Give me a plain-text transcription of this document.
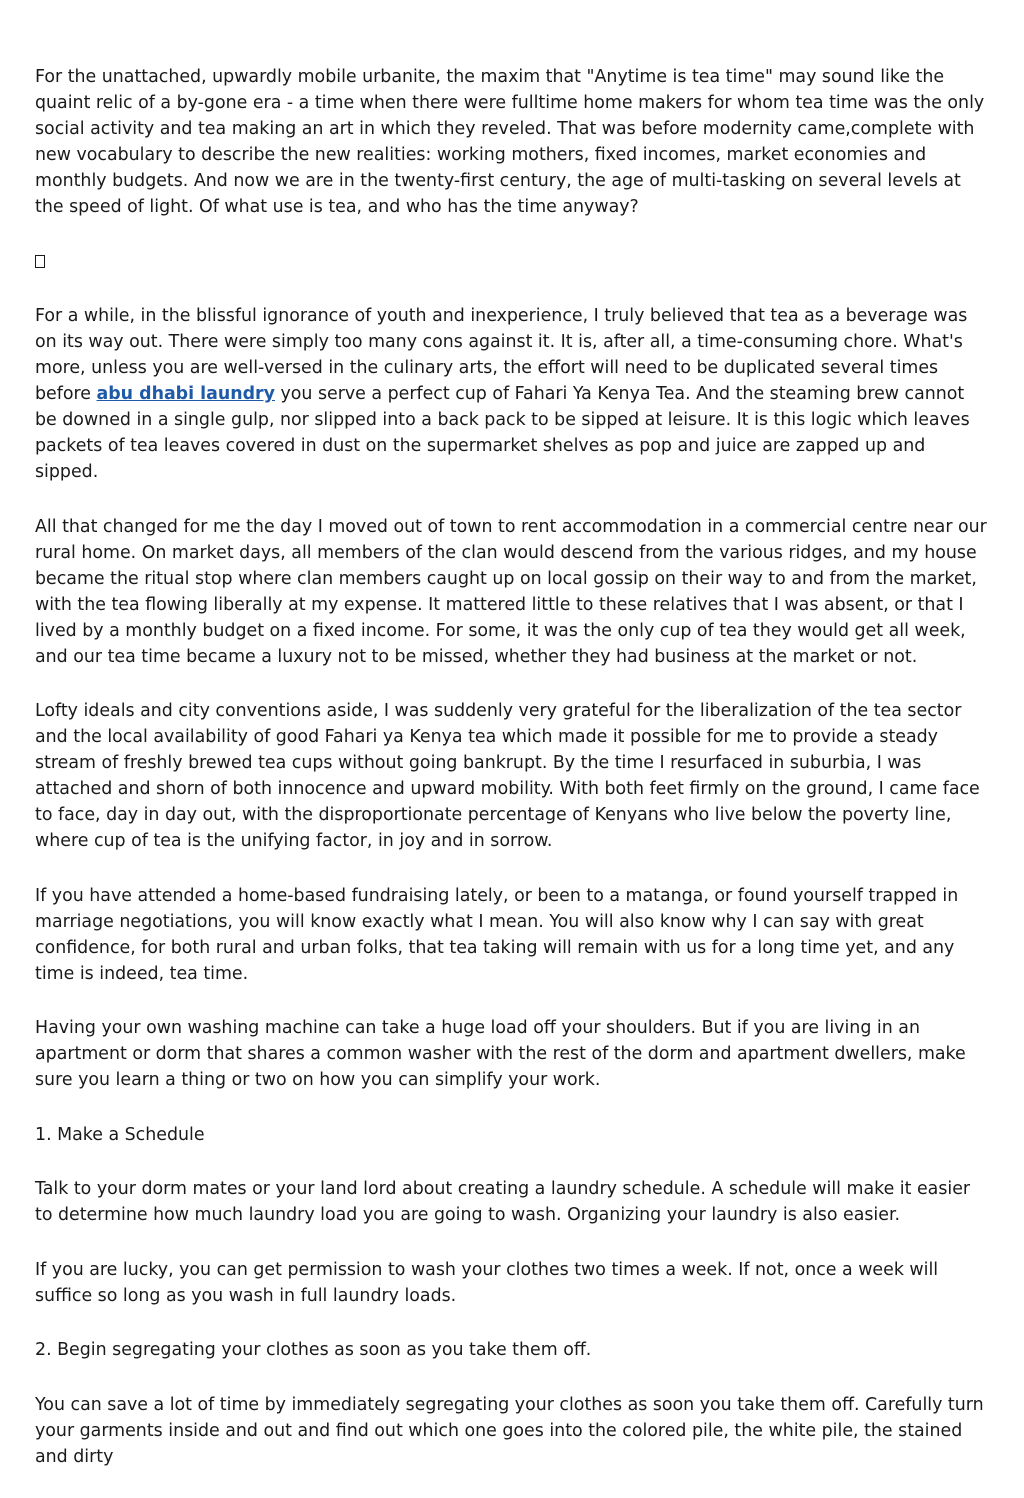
For the unattached, upwardly mobile urbanite, the maxim that "Anytime is tea time" may sound like the quaint relic of a by-gone era - a time when there were fulltime home makers for whom tea time was the only social activity and tea making an art in which they reveled. That was before modernity came,complete with new vocabulary to describe the new realities: working mothers, fixed incomes, market economies and monthly budgets. And now we are in the twenty-first century, the age of multi-tasking on several levels at the speed of light. Of what use is tea, and who has the time anyway?

For a while, in the blissful ignorance of youth and inexperience, I truly believed that tea as a beverage was on its way out. There were simply too many cons against it. It is, after all, a time-consuming chore. What's more, unless you are well-versed in the culinary arts, the effort will need to be duplicated several times before abu dhabi laundry you serve a perfect cup of Fahari Ya Kenya Tea. And the steaming brew cannot be downed in a single gulp, nor slipped into a back pack to be sipped at leisure. It is this logic which leaves packets of tea leaves covered in dust on the supermarket shelves as pop and juice are zapped up and sipped.

All that changed for me the day I moved out of town to rent accommodation in a commercial centre near our rural home. On market days, all members of the clan would descend from the various ridges, and my house became the ritual stop where clan members caught up on local gossip on their way to and from the market, with the tea flowing liberally at my expense. It mattered little to these relatives that I was absent, or that I lived by a monthly budget on a fixed income. For some, it was the only cup of tea they would get all week, and our tea time became a luxury not to be missed, whether they had business at the market or not.

Lofty ideals and city conventions aside, I was suddenly very grateful for the liberalization of the tea sector and the local availability of good Fahari ya Kenya tea which made it possible for me to provide a steady stream of freshly brewed tea cups without going bankrupt. By the time I resurfaced in suburbia, I was attached and shorn of both innocence and upward mobility. With both feet firmly on the ground, I came face to face, day in day out, with the disproportionate percentage of Kenyans who live below the poverty line, where cup of tea is the unifying factor, in joy and in sorrow.

If you have attended a home-based fundraising lately, or been to a matanga, or found yourself trapped in marriage negotiations, you will know exactly what I mean. You will also know why I can say with great confidence, for both rural and urban folks, that tea taking will remain with us for a long time yet, and any time is indeed, tea time.

Having your own washing machine can take a huge load off your shoulders. But if you are living in an apartment or dorm that shares a common washer with the rest of the dorm and apartment dwellers, make sure you learn a thing or two on how you can simplify your work.

1. Make a Schedule

Talk to your dorm mates or your land lord about creating a laundry schedule. A schedule will make it easier to determine how much laundry load you are going to wash. Organizing your laundry is also easier.

If you are lucky, you can get permission to wash your clothes two times a week. If not, once a week will suffice so long as you wash in full laundry loads.

2. Begin segregating your clothes as soon as you take them off.

You can save a lot of time by immediately segregating your clothes as soon you take them off. Carefully turn your garments inside and out and find out which one goes into the colored pile, the white pile, the stained and dirty
